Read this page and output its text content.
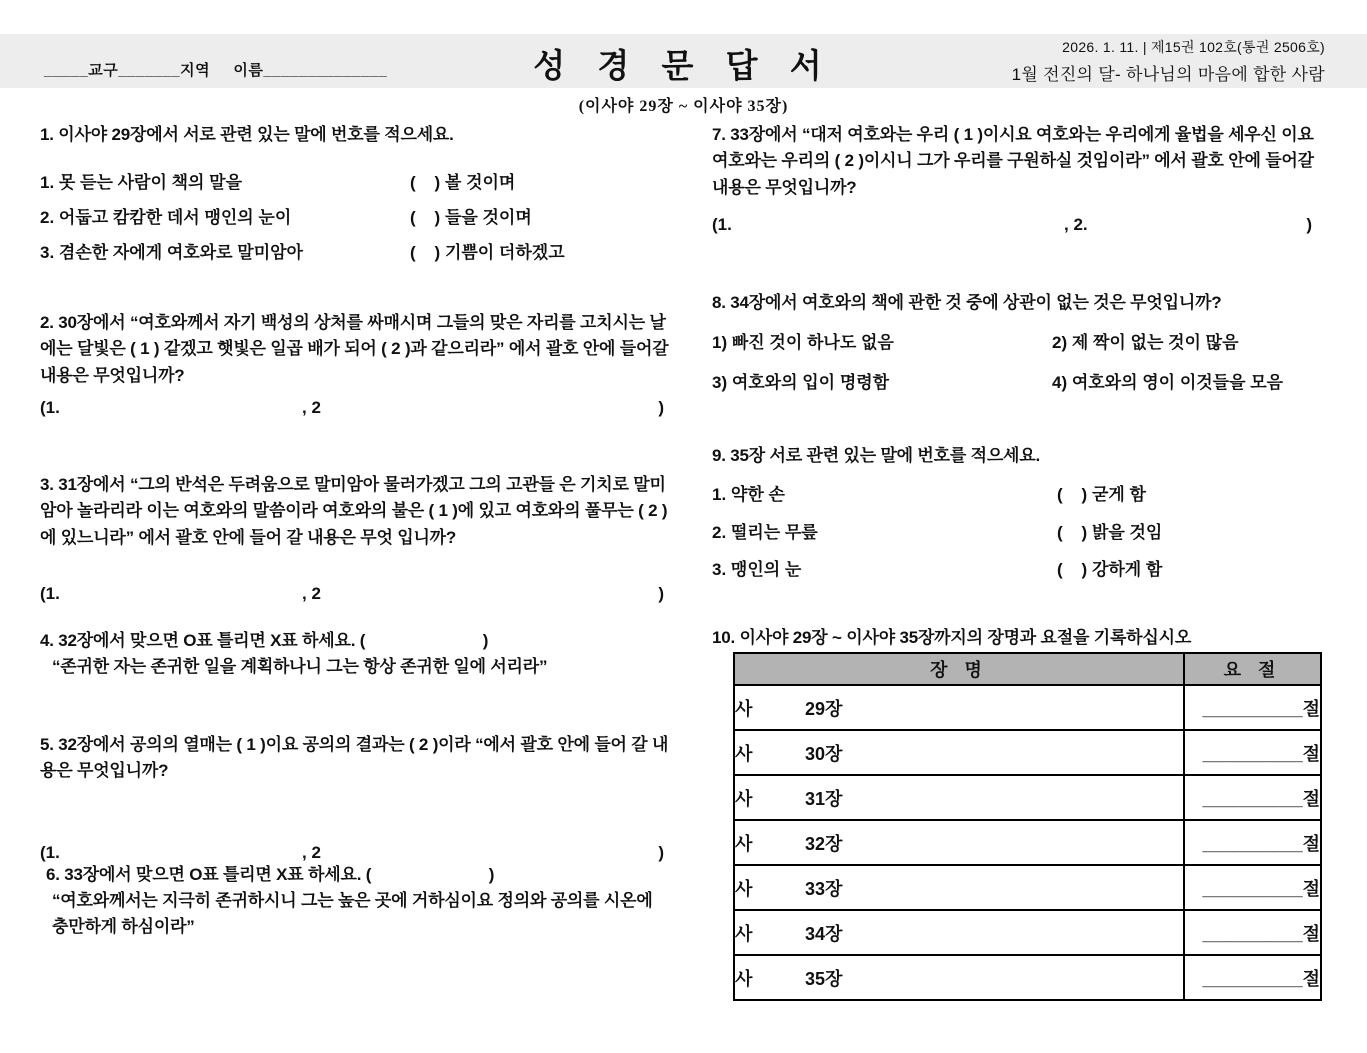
_____교구_______지역     이름______________	성 경 문 답 서
2026. 1. 11. | 제15권 102호(통권 2506호)
1월 전진의 달- 하나님의 마음에 합한 사람
(이사야 29장 ~ 이사야 35장)
1. 이사야 29장에서 서로 관련 있는 말에 번호를 적으세요.
1. 못 듣는 사람이 책의 말을	(    ) 볼 것이며
2. 어둡고 캄캄한 데서 맹인의 눈이	(    ) 들을 것이며
3. 겸손한 자에게 여호와로 말미암아	(    ) 기쁨이 더하겠고
2. 30장에서 “여호와께서 자기 백성의 상처를 싸매시며 그들의 맞은 자리를 고치시는 날에는 달빛은 ( 1 ) 같겠고 햇빛은 일곱 배가 되어 ( 2 )과 같으리라” 에서 괄호 안에 들어갈 내용은 무엇입니까?
(1.	, 2	)
3. 31장에서 “그의 반석은 두려움으로 말미암아 물러가겠고 그의 고관들 은 기치로 말미암아 놀라리라 이는 여호와의 말씀이라 여호와의 불은 ( 1 )에 있고 여호와의 풀무는 ( 2 )에 있느니라” 에서 괄호 안에 들어 갈 내용은 무엇 입니까?
(1.	, 2	)
4. 32장에서 맞으면 O표 틀리면 X표 하세요. (                          )
“존귀한 자는 존귀한 일을 계획하나니 그는 항상 존귀한 일에 서리라”
5. 32장에서 공의의 열매는 ( 1 )이요 공의의 결과는 ( 2 )이라 “에서 괄호 안에 들어 갈 내용은 무엇입니까?
(1.	, 2	)
6. 33장에서 맞으면 O표 틀리면 X표 하세요. (                          )
“여호와께서는 지극히 존귀하시니 그는 높은 곳에 거하심이요 정의와 공의를 시온에 충만하게 하심이라”
7. 33장에서 “대저 여호와는 우리 ( 1 )이시요 여호와는 우리에게 율법을 세우신 이요 여호와는 우리의 ( 2 )이시니 그가 우리를 구원하실 것임이라” 에서 괄호 안에 들어갈 내용은 무엇입니까?
(1.	, 2.	)
8. 34장에서 여호와의 책에 관한 것 중에 상관이 없는 것은 무엇입니까?
1) 빠진 것이 하나도 없음	2) 제 짝이 없는 것이 많음
3) 여호와의 입이 명령함	4) 여호와의 영이 이것들을 모음
9. 35장 서로 관련 있는 말에 번호를 적으세요.
1. 약한 손	(    ) 굳게 함
2. 떨리는 무릎	(    ) 밝을 것임
3. 맹인의 눈	(    ) 강하게 함
10. 이사야 29장 ~ 이사야 35장까지의 장명과 요절을 기록하십시오
장 명	요 절
사 29장	__________절
사 30장	__________절
사 31장	__________절
사 32장	__________절
사 33장	__________절
사 34장	__________절
사 35장	__________절
